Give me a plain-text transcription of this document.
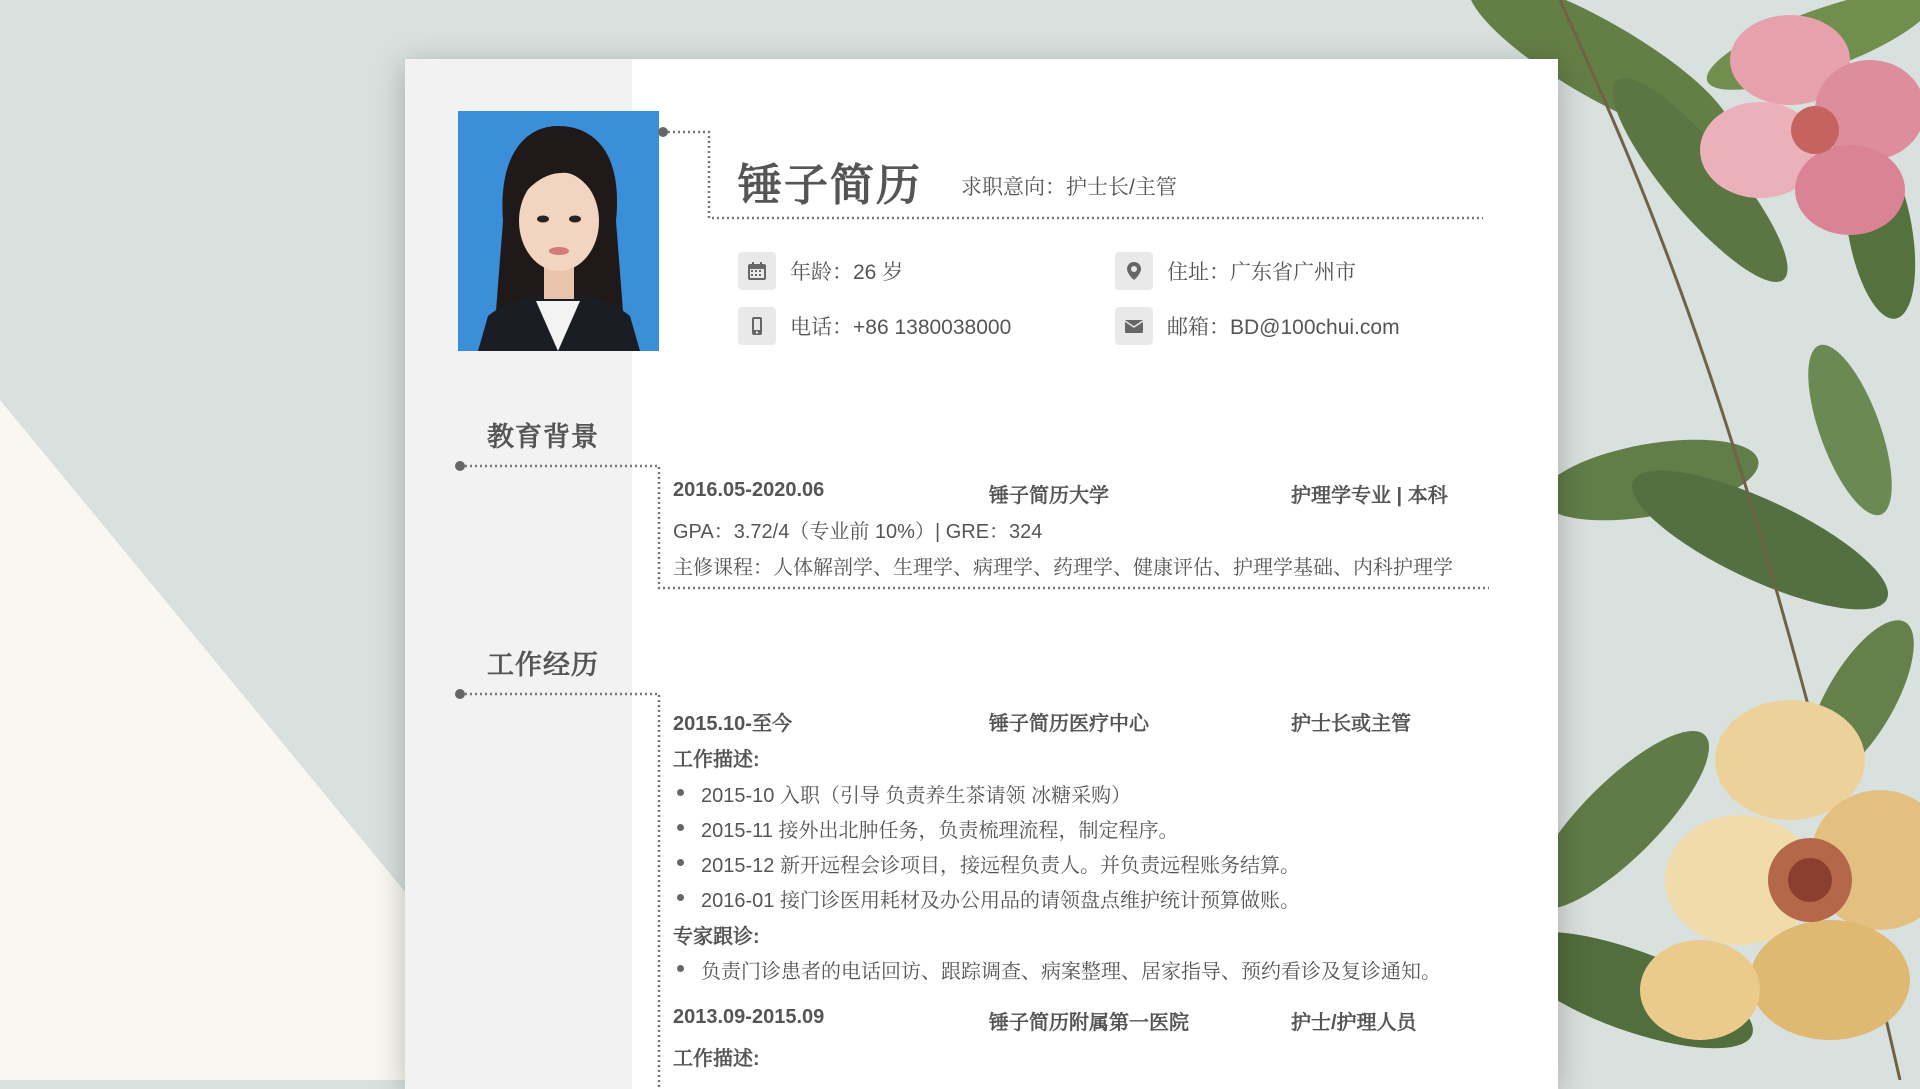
锤子简历 求职意向：护士长/主管
年龄：26 岁	住址：广东省广州市
电话：+86 1380038000	邮箱：BD@100chui.com
教育背景
2016.05-2020.06	锤子简历大学	护理学专业 | 本科
GPA：3.72/4（专业前 10%）| GRE：324
主修课程：人体解剖学、生理学、病理学、药理学、健康评估、护理学基础、内科护理学
工作经历
2015.10-至今	锤子简历医疗中心	护士长或主管
工作描述:
2015-10 入职（引导 负责养生茶请领 冰糖采购）
2015-11 接外出北肿任务，负责梳理流程，制定程序。
2015-12 新开远程会诊项目，接远程负责人。并负责远程账务结算。
2016-01 接门诊医用耗材及办公用品的请领盘点维护统计预算做账。
专家跟诊:
负责门诊患者的电话回访、跟踪调查、病案整理、居家指导、预约看诊及复诊通知。
2013.09-2015.09	锤子简历附属第一医院	护士/护理人员
工作描述:
